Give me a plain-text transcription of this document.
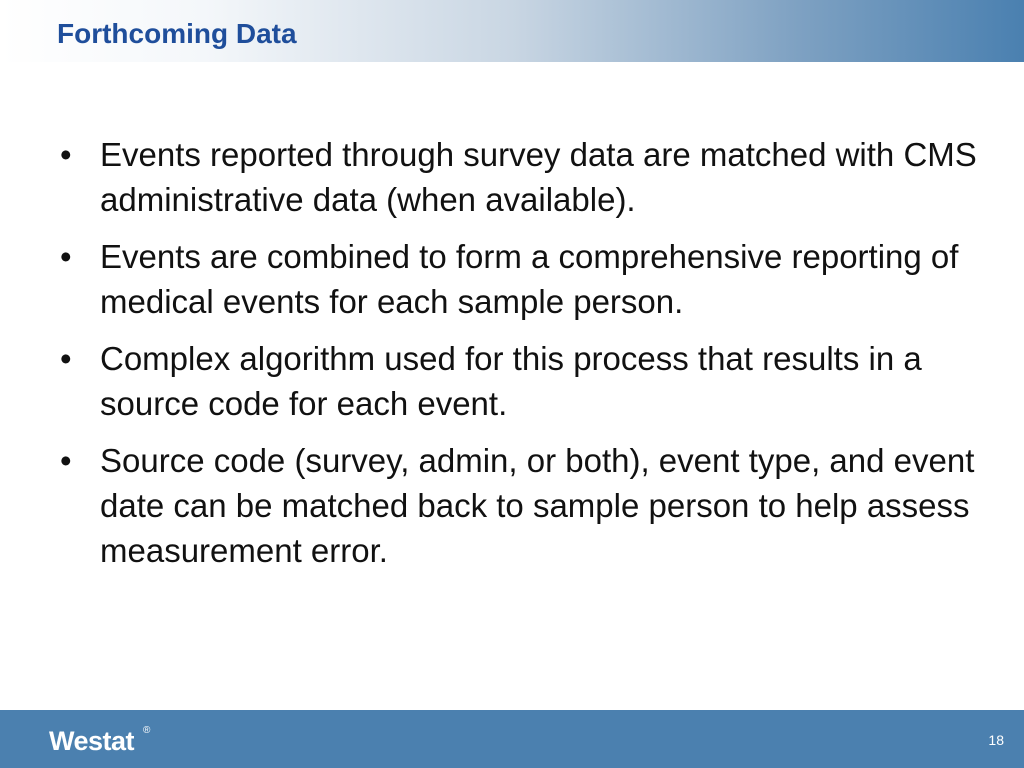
Forthcoming Data
• Events reported through survey data are matched with CMS administrative data (when available).
• Events are combined to form a comprehensive reporting of medical events for each sample person.
• Complex algorithm used for this process that results in a source code for each event.
• Source code (survey, admin, or both), event type, and event date can be matched back to sample person to help assess measurement error.
Westat ®
18
